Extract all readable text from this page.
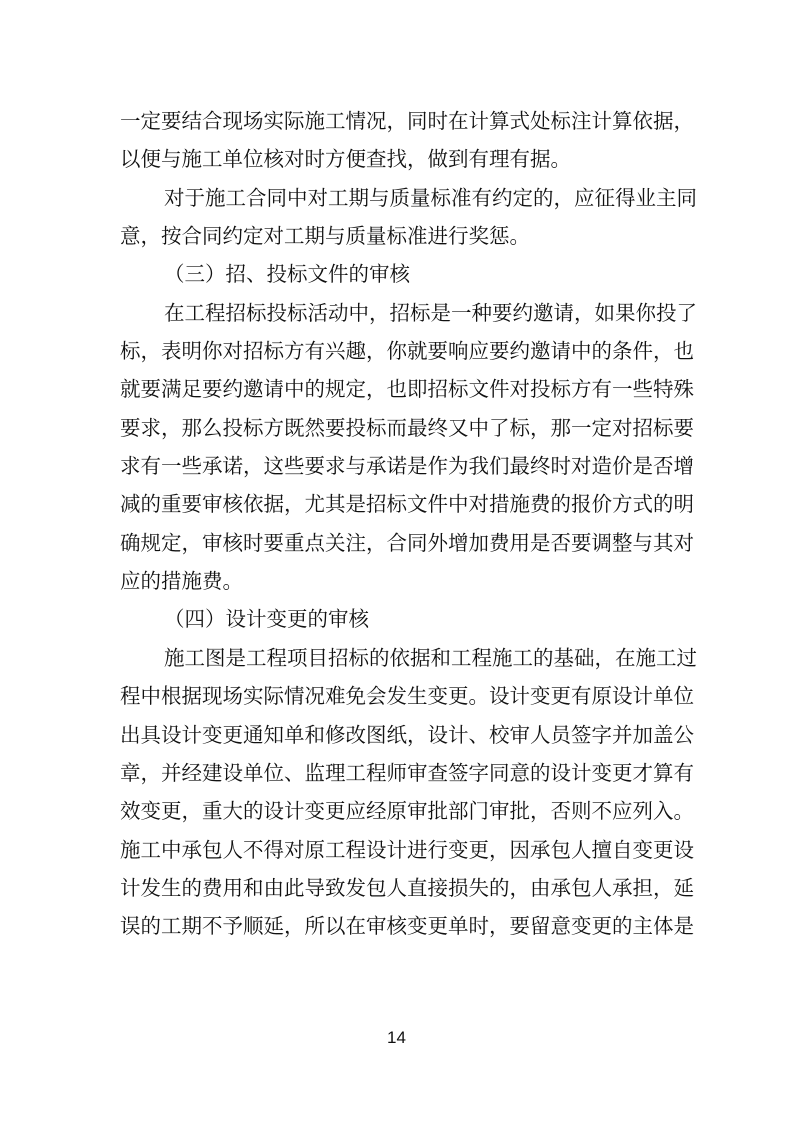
一定要结合现场实际施工情况，同时在计算式处标注计算依据，
以便与施工单位核对时方便查找，做到有理有据。
对于施工合同中对工期与质量标准有约定的，应征得业主同
意，按合同约定对工期与质量标准进行奖惩。
（三）招、投标文件的审核
在工程招标投标活动中，招标是一种要约邀请，如果你投了
标，表明你对招标方有兴趣，你就要响应要约邀请中的条件，也
就要满足要约邀请中的规定，也即招标文件对投标方有一些特殊
要求，那么投标方既然要投标而最终又中了标，那一定对招标要
求有一些承诺，这些要求与承诺是作为我们最终时对造价是否增
减的重要审核依据，尤其是招标文件中对措施费的报价方式的明
确规定，审核时要重点关注，合同外增加费用是否要调整与其对
应的措施费。
（四）设计变更的审核
施工图是工程项目招标的依据和工程施工的基础，在施工过
程中根据现场实际情况难免会发生变更。设计变更有原设计单位
出具设计变更通知单和修改图纸，设计、校审人员签字并加盖公
章，并经建设单位、监理工程师审查签字同意的设计变更才算有
效变更，重大的设计变更应经原审批部门审批，否则不应列入。
施工中承包人不得对原工程设计进行变更，因承包人擅自变更设
计发生的费用和由此导致发包人直接损失的，由承包人承担，延
误的工期不予顺延，所以在审核变更单时，要留意变更的主体是
14
